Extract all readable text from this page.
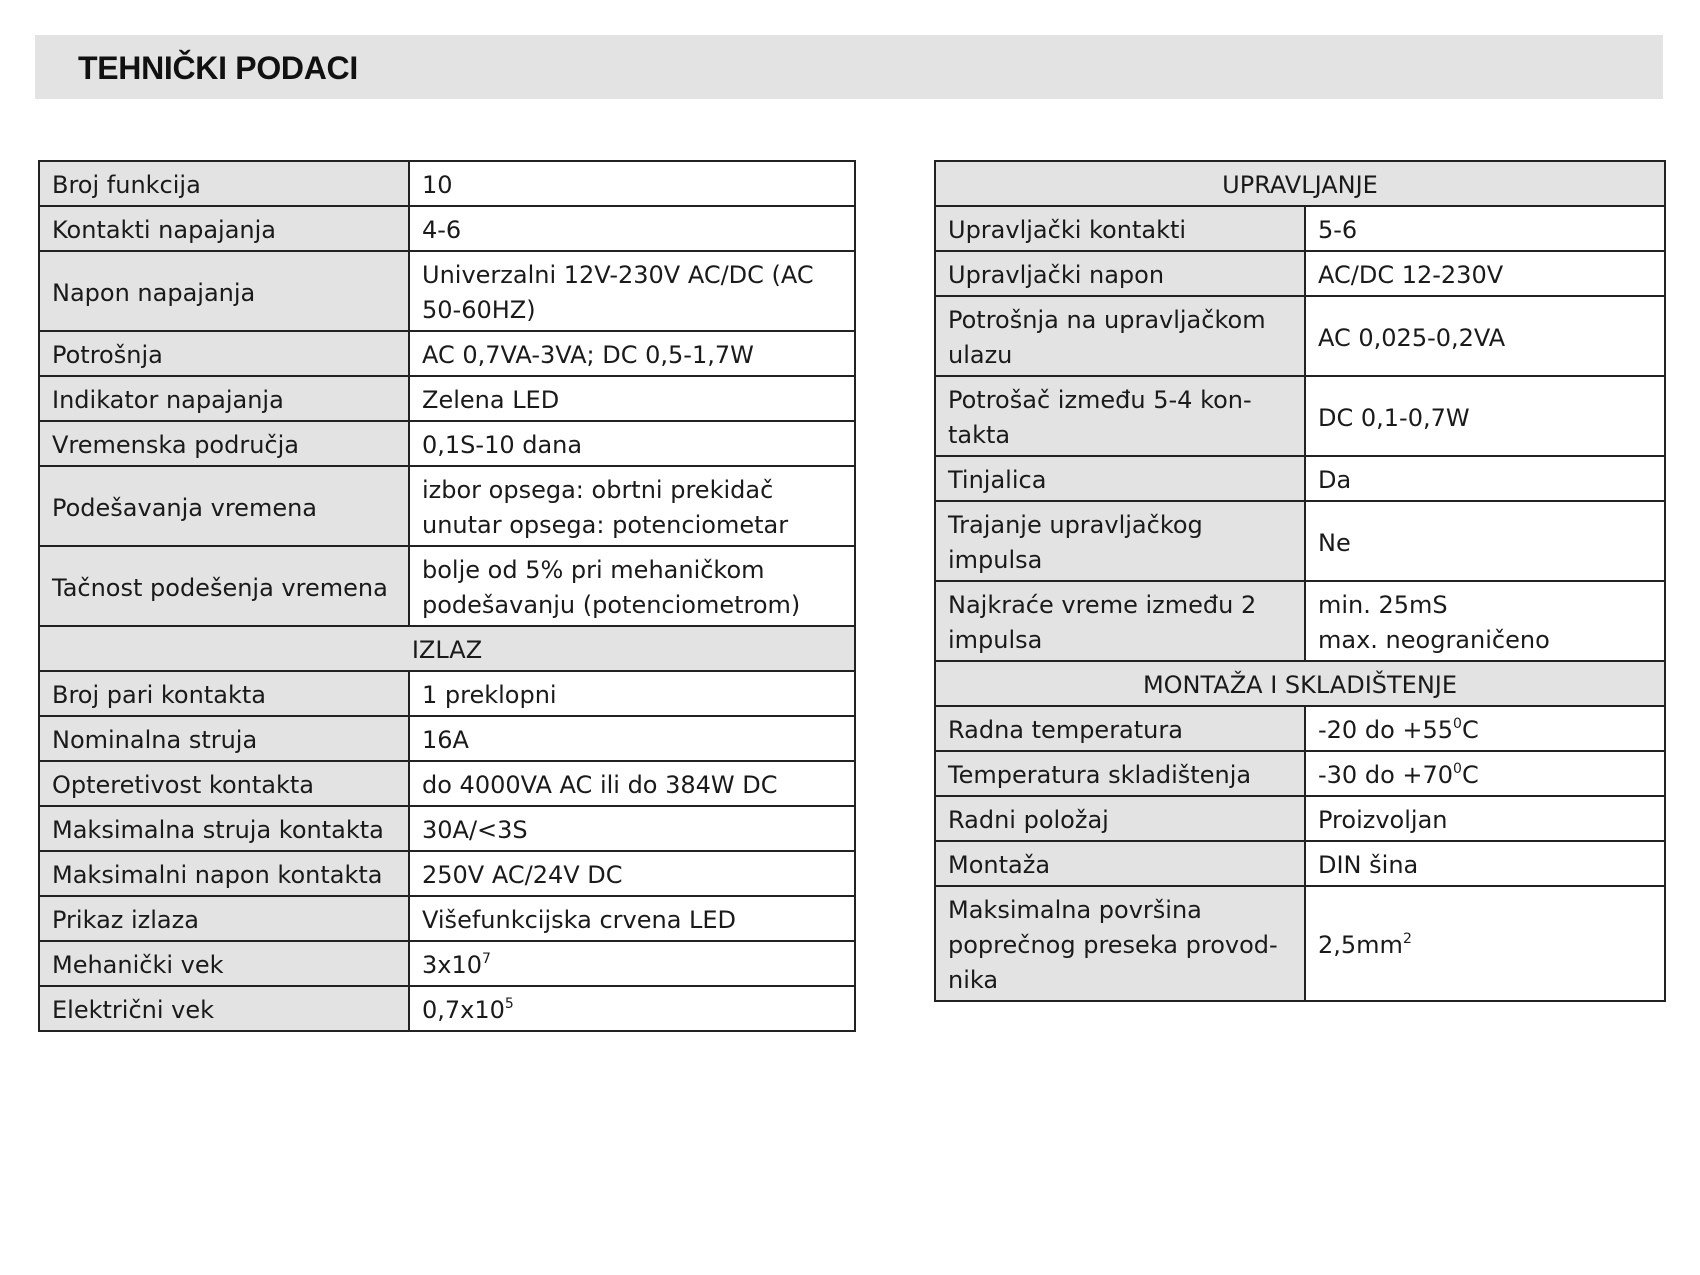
TEHNIČKI PODACI
Broj funkcija	10
Kontakti napajanja	4-6
Napon napajanja	Univerzalni 12V-230V AC/DC (AC 50-60HZ)
Potrošnja	AC 0,7VA-3VA; DC 0,5-1,7W
Indikator napajanja	Zelena LED
Vremenska područja	0,1S-10 dana
Podešavanja vremena	izbor opsega: obrtni prekidač
unutar opsega: potenciometar
Tačnost podešenja vremena	bolje od 5% pri mehaničkom podešavanju (potenciometrom)
IZLAZ	
Broj pari kontakta	1 preklopni
Nominalna struja	16A
Opteretivost kontakta	do 4000VA AC ili do 384W DC
Maksimalna struja kontakta	30A/<3S
Maksimalni napon kontakta	250V AC/24V DC
Prikaz izlaza	Višefunkcijska crvena LED
Mehanički vek	$3x10^7$
Električni vek	$0,7x10^5$
UPRAVLJANJE	
Upravljački kontakti	5-6
Upravljački napon	AC/DC 12-230V
Potrošnja na upravljačkom ulazu	AC 0,025-0,2VA
Potrošač između 5-4 kon-
takta	DC 0,1-0,7W
Tinjalica	Da
Trajanje upravljačkog impulsa	Ne
Najkraće vreme između 2 impulsa	min. 25mS
max. neograničeno
MONTAŽA I SKLADIŠTENJE	
Radna temperatura	-20 do $+55^0C$
Temperatura skladištenja	-30 do $+70^0C$
Radni položaj	Proizvoljan
Montaža	DIN šina
Maksimalna površina
poprečnog preseka provod-
nika	$2,5mm^2$
